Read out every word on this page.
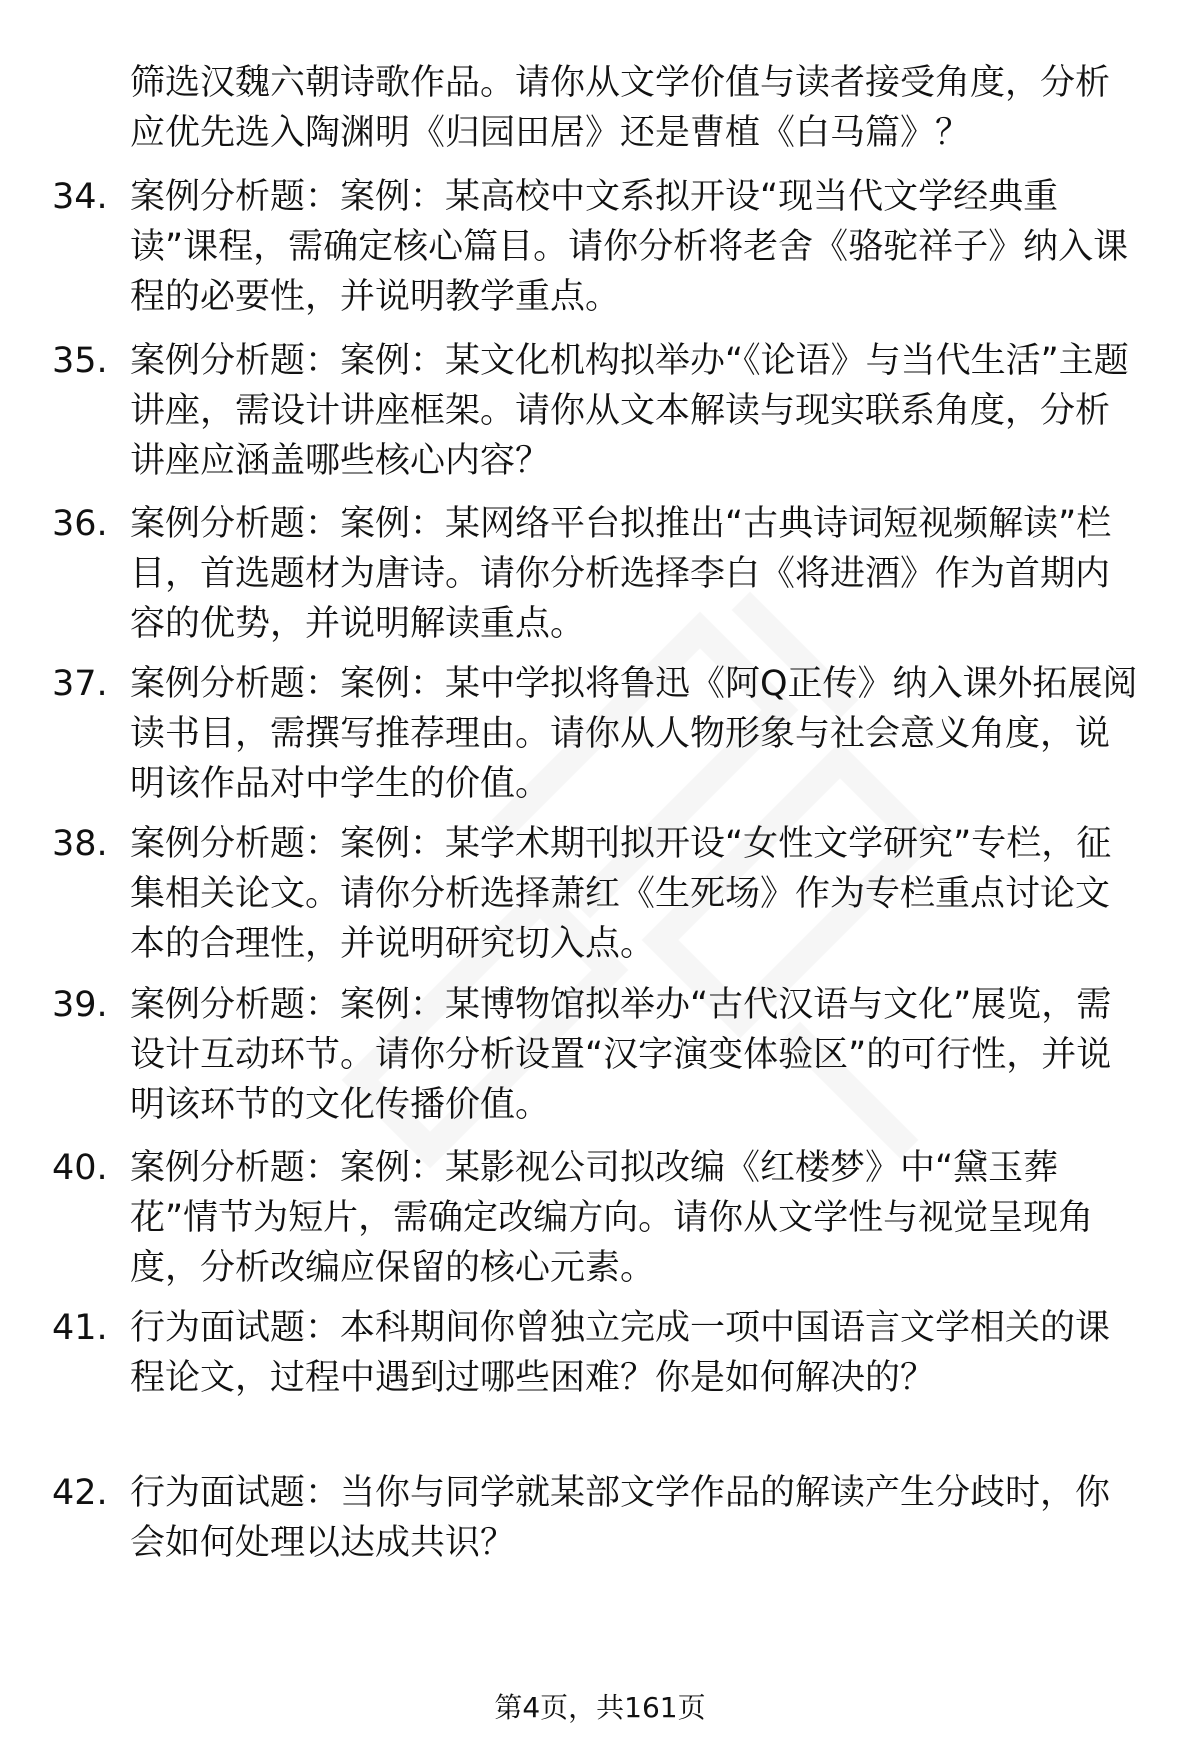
筛选汉魏六朝诗歌作品。请你从文学价值与读者接受角度，分析应优先选入陶渊明《归园田居》还是曹植《白马篇》？
34. 案例分析题：案例：某高校中文系拟开设“现当代文学经典重读”课程，需确定核心篇目。请你分析将老舍《骆驼祥子》纳入课程的必要性，并说明教学重点。
35. 案例分析题：案例：某文化机构拟举办“《论语》与当代生活”主题讲座，需设计讲座框架。请你从文本解读与现实联系角度，分析讲座应涵盖哪些核心内容？
36. 案例分析题：案例：某网络平台拟推出“古典诗词短视频解读”栏目，首选题材为唐诗。请你分析选择李白《将进酒》作为首期内容的优势，并说明解读重点。
37. 案例分析题：案例：某中学拟将鲁迅《阿Q正传》纳入课外拓展阅读书目，需撰写推荐理由。请你从人物形象与社会意义角度，说明该作品对中学生的价值。
38. 案例分析题：案例：某学术期刊拟开设“女性文学研究”专栏，征集相关论文。请你分析选择萧红《生死场》作为专栏重点讨论文本的合理性，并说明研究切入点。
39. 案例分析题：案例：某博物馆拟举办“古代汉语与文化”展览，需设计互动环节。请你分析设置“汉字演变体验区”的可行性，并说明该环节的文化传播价值。
40. 案例分析题：案例：某影视公司拟改编《红楼梦》中“黛玉葬花”情节为短片，需确定改编方向。请你从文学性与视觉呈现角度，分析改编应保留的核心元素。
41. 行为面试题：本科期间你曾独立完成一项中国语言文学相关的课程论文，过程中遇到过哪些困难？你是如何解决的？
42. 行为面试题：当你与同学就某部文学作品的解读产生分歧时，你会如何处理以达成共识？
第4页，共161页
